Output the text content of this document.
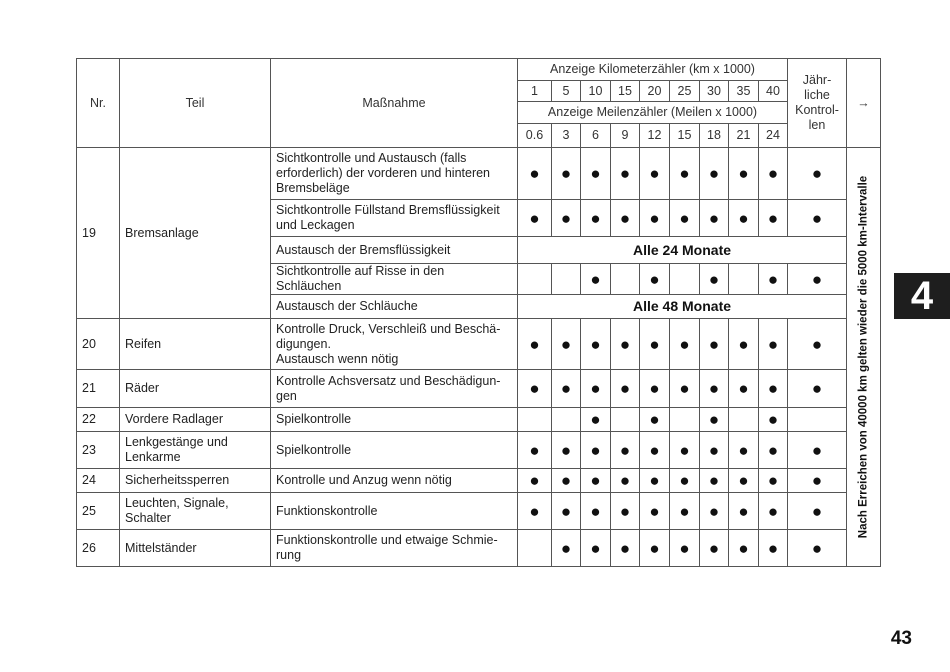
Nr.	Teil	Maßnahme	Anzeige Kilometerzähler (km x 1000)									Jähr-
liche
Kontrol-
len	→
			1	5	10	15	20	25	30	35	40		
			Anzeige Meilenzähler (Meilen x 1000)										
			0.6	3	6	9	12	15	18	21	24		
19	Bremsanlage	Sichtkontrolle und Austausch (falls
erforderlich) der vorderen und hinteren
Bremsbeläge	●	●	●	●	●	●	●	●	●	●	Nach Erreichen von 40000 km gelten wieder die 5000 km-Intervalle

		Sichtkontrolle Füllstand Bremsflüssigkeit
und Leckagen	●	●	●	●	●	●	●	●	●	●	
		Austausch der Bremsflüssigkeit	Alle 24 Monate										
		Sichtkontrolle auf Risse in den Schläuchen			●		●		●		●	●	
		Austausch der Schläuche	Alle 48 Monate										
20	Reifen	Kontrolle Druck, Verschleiß und Beschä-
digungen.
Austausch wenn nötig	●	●	●	●	●	●	●	●	●	●	
21	Räder	Kontrolle Achsversatz und Beschädigun-
gen	●	●	●	●	●	●	●	●	●	●	
22	Vordere Radlager	Spielkontrolle			●		●		●		●		
23	Lenkgestänge und
Lenkarme	Spielkontrolle	●	●	●	●	●	●	●	●	●	●	
24	Sicherheitssperren	Kontrolle und Anzug wenn nötig	●	●	●	●	●	●	●	●	●	●	
25	Leuchten, Signale,
Schalter	Funktionskontrolle	●	●	●	●	●	●	●	●	●	●	
26	Mittelständer	Funktionskontrolle und etwaige Schmie-
rung		●	●	●	●	●	●	●	●	●	
4
43
